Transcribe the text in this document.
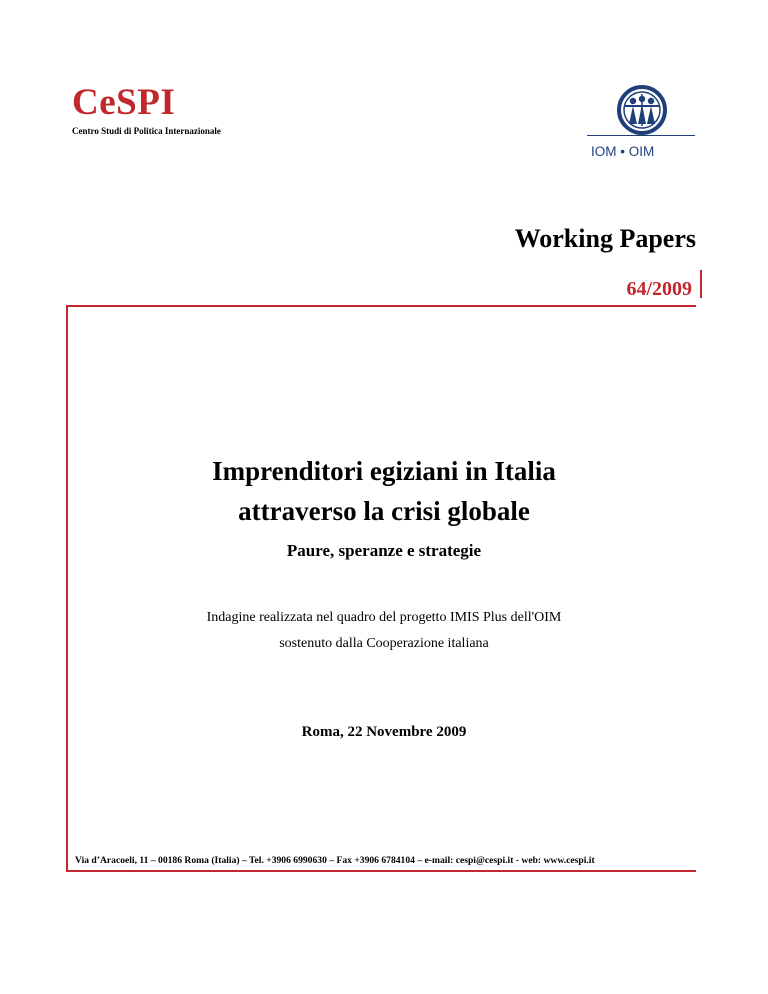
CeSPI
Centro Studi di Politica Internazionale
IOM • OIM
Working Papers
64/2009
Imprenditori egiziani in Italia
attraverso la crisi globale
Paure, speranze e strategie
Indagine realizzata nel quadro del progetto IMIS Plus dell'OIM
sostenuto dalla Cooperazione italiana
Roma, 22 Novembre 2009
Via d’Aracoeli, 11 – 00186 Roma (Italia) – Tel. +3906 6990630 – Fax +3906 6784104 – e-mail: cespi@cespi.it - web: www.cespi.it
